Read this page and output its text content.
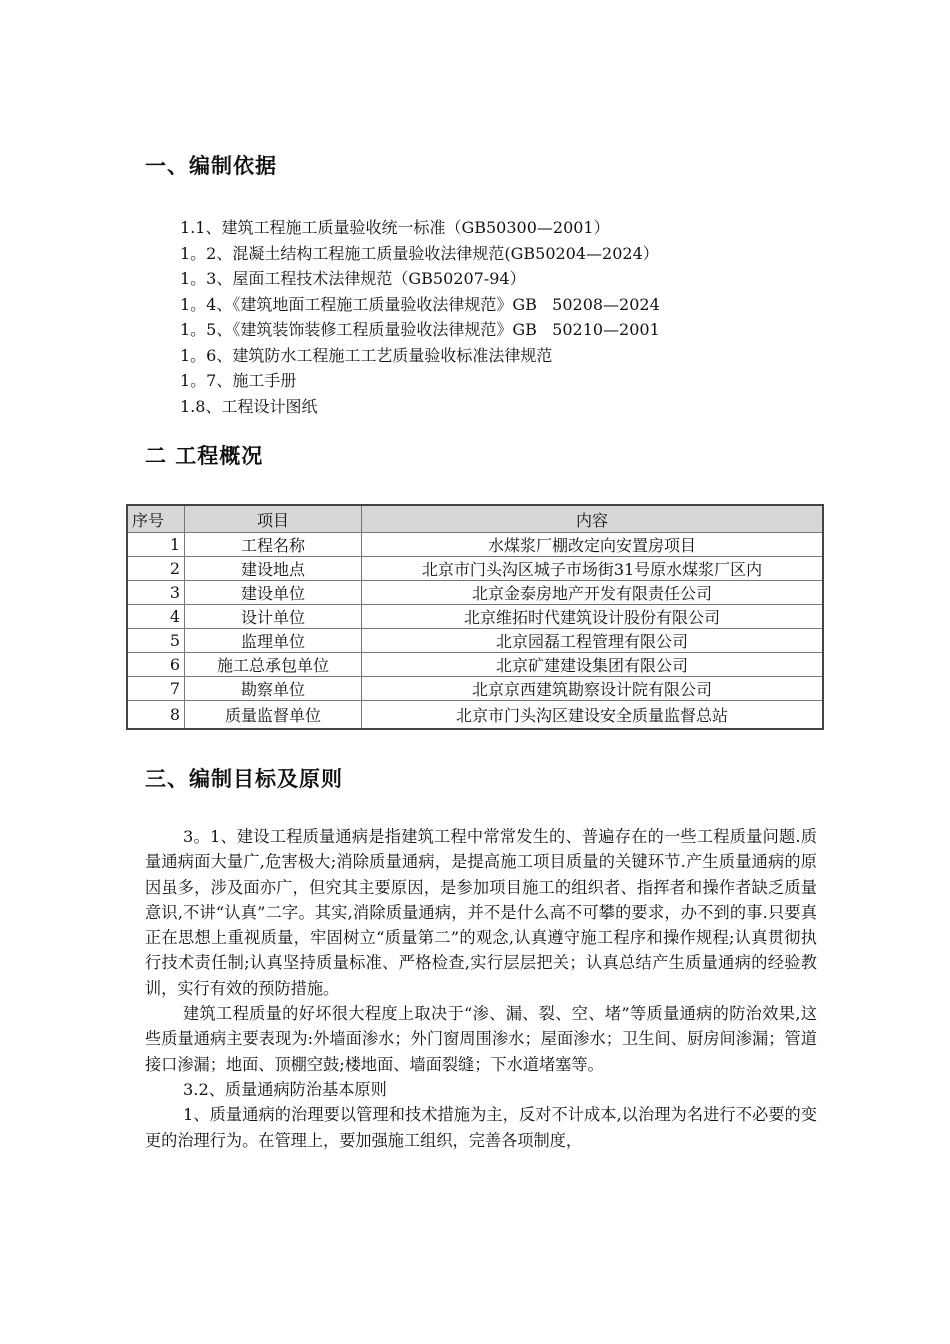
一、编制依据
1.1、建筑工程施工质量验收统一标准（GB50300—2001）
1。2、混凝土结构工程施工质量验收法律规范(GB50204—2024）
1。3、屋面工程技术法律规范（GB50207-94）
1。4、《建筑地面工程施工质量验收法律规范》GB   50208—2024
1。5、《建筑装饰装修工程质量验收法律规范》GB   50210—2001
1。6、建筑防水工程施工工艺质量验收标准法律规范
1。7、施工手册
1.8、工程设计图纸
二 工程概况
序号	项目	内容
1	工程名称	水煤浆厂棚改定向安置房项目
2	建设地点	北京市门头沟区城子市场街31号原水煤浆厂区内
3	建设单位	北京金泰房地产开发有限责任公司
4	设计单位	北京维拓时代建筑设计股份有限公司
5	监理单位	北京园磊工程管理有限公司
6	施工总承包单位	北京矿建建设集团有限公司
7	勘察单位	北京京西建筑勘察设计院有限公司
8	质量监督单位	北京市门头沟区建设安全质量监督总站
三、编制目标及原则

3。1、建设工程质量通病是指建筑工程中常常发生的、普遍存在的一些工程质量问题.质量通病面大量广,危害极大;消除质量通病，是提高施工项目质量的关键环节.产生质量通病的原因虽多，涉及面亦广，但究其主要原因，是参加项目施工的组织者、指挥者和操作者缺乏质量意识,不讲“认真”二字。其实,消除质量通病，并不是什么高不可攀的要求，办不到的事.只要真正在思想上重视质量，牢固树立“质量第二”的观念,认真遵守施工程序和操作规程;认真贯彻执行技术责任制;认真坚持质量标准、严格检查,实行层层把关；认真总结产生质量通病的经验教训，实行有效的预防措施。

建筑工程质量的好坏很大程度上取决于“渗、漏、裂、空、堵”等质量通病的防治效果,这些质量通病主要表现为:外墙面渗水；外门窗周围渗水；屋面渗水；卫生间、厨房间渗漏；管道接口渗漏；地面、顶棚空鼓;楼地面、墙面裂缝；下水道堵塞等。

3.2、质量通病防治基本原则

1、质量通病的治理要以管理和技术措施为主，反对不计成本,以治理为名进行不必要的变更的治理行为。在管理上，要加强施工组织，完善各项制度，
